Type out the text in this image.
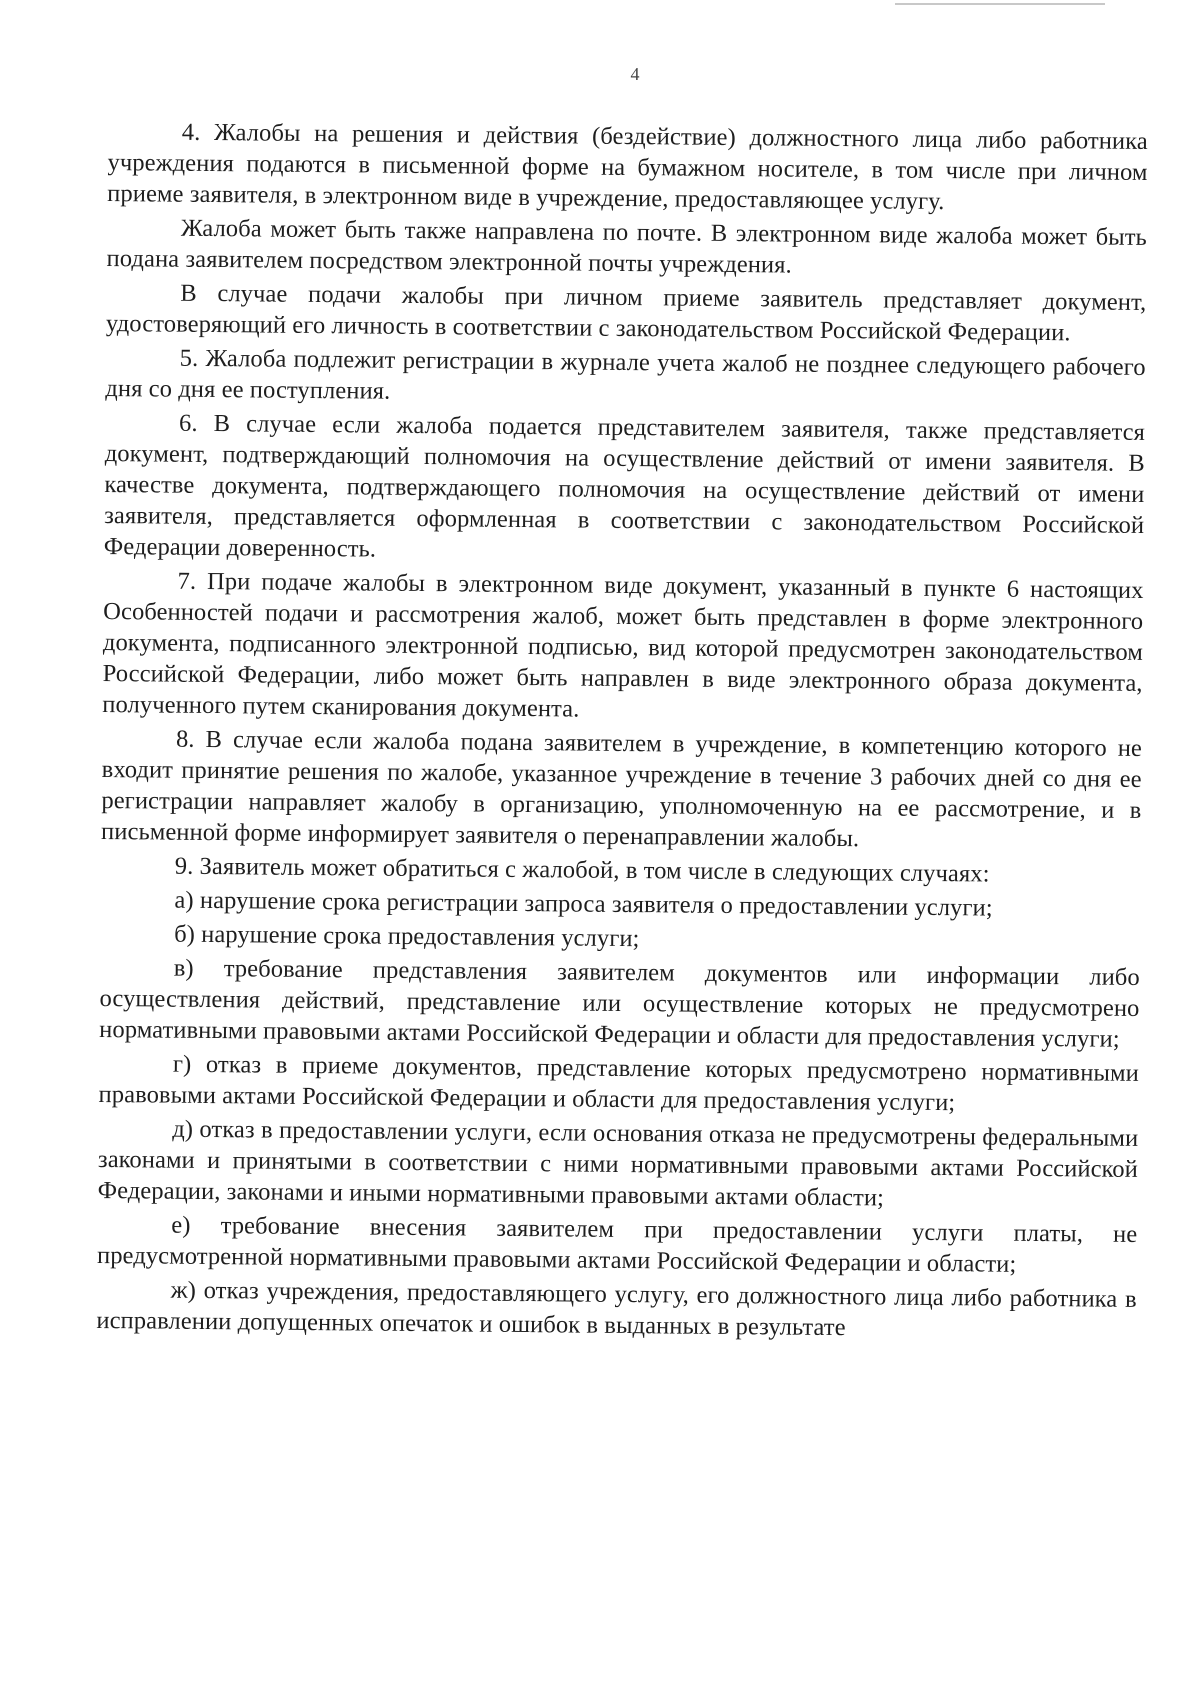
4

4. Жалобы на решения и действия (бездействие) должностного лица либо работника учреждения подаются в письменной форме на бумажном носителе, в том числе при личном приеме заявителя, в электронном виде в учреждение, предоставляющее услугу.

Жалоба может быть также направлена по почте. В электронном виде жалоба может быть подана заявителем посредством электронной почты учреждения.

В случае подачи жалобы при личном приеме заявитель представляет документ, удостоверяющий его личность в соответствии с законодательством Российской Федерации.

5. Жалоба подлежит регистрации в журнале учета жалоб не позднее следующего рабочего дня со дня ее поступления.

6. В случае если жалоба подается представителем заявителя, также представляется документ, подтверждающий полномочия на осуществление действий от имени заявителя. В качестве документа, подтверждающего полномочия на осуществление действий от имени заявителя, представляется оформленная в соответствии с законодательством Российской Федерации доверенность.

7. При подаче жалобы в электронном виде документ, указанный в пункте 6 настоящих Особенностей подачи и рассмотрения жалоб, может быть представлен в форме электронного документа, подписанного электронной подписью, вид которой предусмотрен законодательством Российской Федерации, либо может быть направлен в виде электронного образа документа, полученного путем сканирования документа.

8. В случае если жалоба подана заявителем в учреждение, в компетенцию которого не входит принятие решения по жалобе, указанное учреждение в течение 3 рабочих дней со дня ее регистрации направляет жалобу в организацию, уполномоченную на ее рассмотрение, и в письменной форме информирует заявителя о перенаправлении жалобы.

9. Заявитель может обратиться с жалобой, в том числе в следующих случаях:

а) нарушение срока регистрации запроса заявителя о предоставлении услуги;

б) нарушение срока предоставления услуги;

в) требование представления заявителем документов или информации либо осуществления действий, представление или осуществление которых не предусмотрено нормативными правовыми актами Российской Федерации и области для предоставления услуги;

г) отказ в приеме документов, представление которых предусмотрено нормативными правовыми актами Российской Федерации и области для предоставления услуги;

д) отказ в предоставлении услуги, если основания отказа не предусмотрены федеральными законами и принятыми в соответствии с ними нормативными правовыми актами Российской Федерации, законами и иными нормативными правовыми актами области;

е) требование внесения заявителем при предоставлении услуги платы, не предусмотренной нормативными правовыми актами Российской Федерации и области;

ж) отказ учреждения, предоставляющего услугу, его должностного лица либо работника в исправлении допущенных опечаток и ошибок в выданных в результате
